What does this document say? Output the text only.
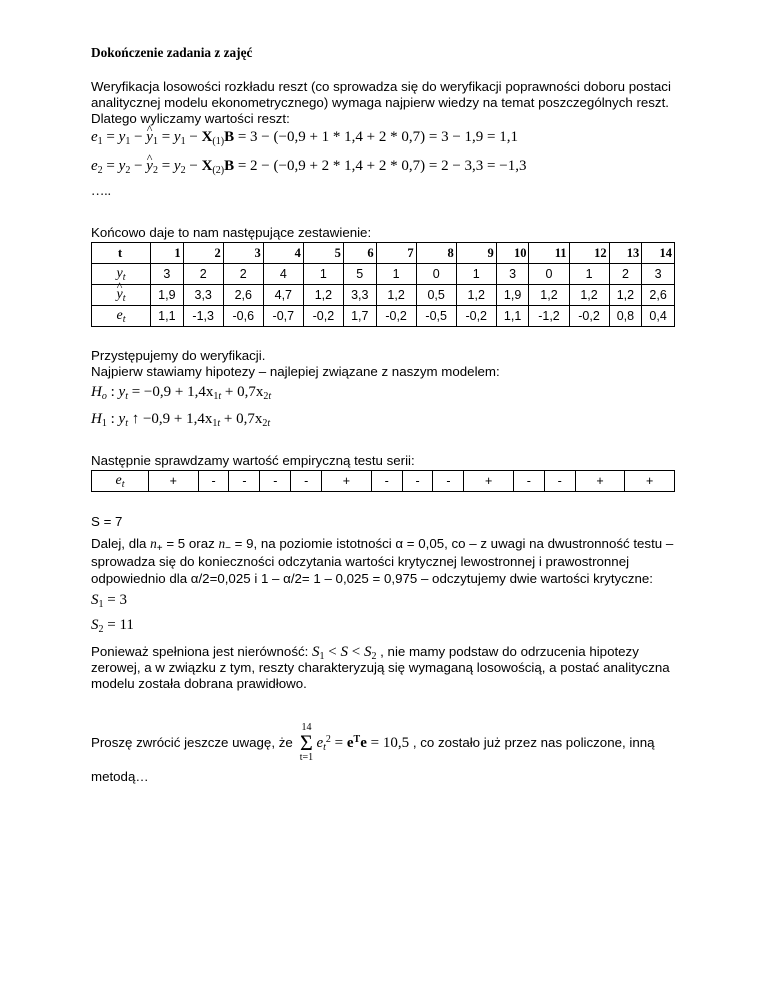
Dokończenie zadania z zajęć
Weryfikacja losowości rozkładu reszt (co sprowadza się do weryfikacji poprawności doboru postaci analitycznej modelu ekonometrycznego) wymaga najpierw wiedzy na temat poszczególnych reszt. Dlatego wyliczamy wartości reszt:
$e_1 = y_1$ − ^ $y_1 = y_1 - X_{(1)}B = 3 - (-0,9 + 1 * 1,4 + 2 * 0,7) = 3 - 1,9 = 1,1$
$e_2 = y_2$ − ^ $y_2 = y_2 - X_{(2)}B = 2 - (-0,9 + 2 * 1,4 + 2 * 0,7) = 2 - 3,3 = -1,3$
…..
Końcowo daje to nam następujące zestawienie:
t	1	2	3	4	5	6	7	8	9	10	11	12	13	14
$y_t$	3	2	2	4	1	5	1	0	1	3	0	1	2	3
^ $y_t$	1,9	3,3	2,6	4,7	1,2	3,3	1,2	0,5	1,2	1,9	1,2	1,2	1,2	2,6
$e_t$	1,1	-1,3	-0,6	-0,7	-0,2	1,7	-0,2	-0,5	-0,2	1,1	-1,2	-0,2	0,8	0,4
Przystępujemy do weryfikacji.
Najpierw stawiamy hipotezy – najlepiej związane z naszym modelem:
$H_o$ : $y_t = -0,9 + 1,4x_{1t} + 0,7x_{2t}$
$H_1$ : $y_t$ ↑ $-0,9 + 1,4x_{1t} + 0,7x_{2t}$
Następnie sprawdzamy wartość empiryczną testu serii:
$e_t$	+	-	-	-	-	+	-	-	-	+	-	-	+	+
S = 7
Dalej, dla $n_+ = 5$ oraz $n_- = 9$, na poziomie istotności α = 0,05, co – z uwagi na dwustronność testu – sprowadza się do konieczności odczytania wartości krytycznej lewostronnej i prawostronnej odpowiednio dla α/2=0,025 i 1 – α/2= 1 – 0,025 = 0,975 – odczytujemy dwie wartości krytyczne:
$S_1 = 3$
$S_2 = 11$
Ponieważ spełniona jest nierówność: $S_1 < S < S_2$ , nie mamy podstaw do odrzucenia hipotezy zerowej, a w związku z tym, reszty charakteryzują się wymaganą losowością, a postać analityczna modelu została dobrana prawidłowo.
Proszę zwrócić jeszcze uwagę, że
14
Σ
t=1
$e_t^2 = e^Te = 10,5$ , co zostało już przez nas policzone, inną
metodą…
